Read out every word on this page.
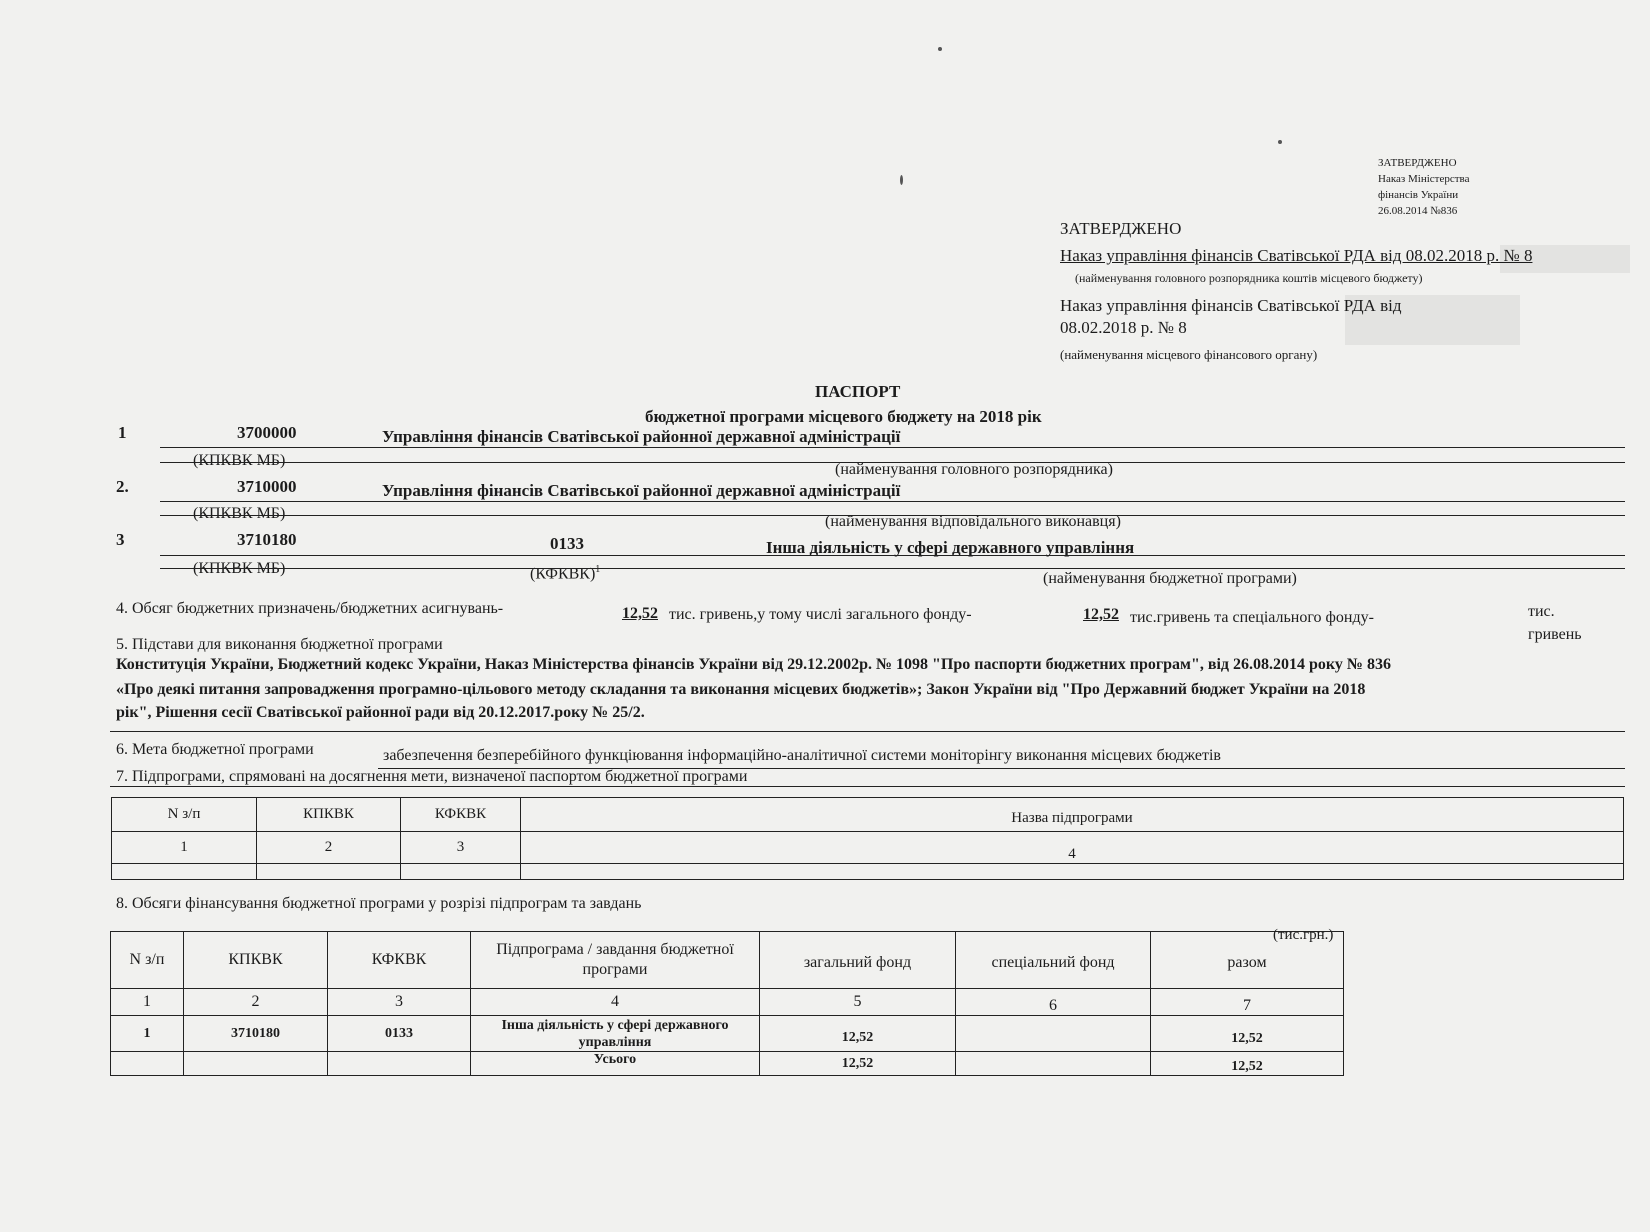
ЗАТВЕРДЖЕНО
Наказ Міністерства
фінансів України
26.08.2014 №836
ЗАТВЕРДЖЕНО
Наказ управління фінансів Сватівської РДА від 08.02.2018 р. № 8
(найменування головного розпорядника коштів місцевого бюджету)
Наказ управління фінансів Сватівської РДА від
08.02.2018 р. № 8
(найменування місцевого фінансового органу)
ПАСПОРТ
бюджетної програми місцевого бюджету на 2018 рік
1	3700000	Управління фінансів Сватівської районної державної адміністрації
(КПКВК МБ)
(найменування головного розпорядника)
2.	3710000	Управління фінансів Сватівської районної державної адміністрації
(КПКВК МБ)	(найменування відповідального виконавця)
3	3710180	0133	Інша діяльність у сфері державного управління
(КПКВК МБ)	(КФКВК)$^1$
(найменування бюджетної програми)
4. Обсяг бюджетних призначень/бюджетних асигнувань-	12,52 тис. гривень,у тому числі загального фонду-	12,52 тис.гривень та спеціального фонду-	тис.
гривень
5. Підстави для виконання бюджетної програми
Конституція України, Бюджетний кодекс України, Наказ Міністерства фінансів України від 29.12.2002р. № 1098 "Про паспорти бюджетних програм", від 26.08.2014 року № 836
«Про деякі питання запровадження програмно-цільового методу складання та виконання місцевих бюджетів»; Закон України від "Про Державний бюджет України на 2018
рік", Рішення сесії Сватівської районної ради від 20.12.2017.року № 25/2.
6. Мета бюджетної програми	забезпечення безперебійного функціювання інформаційно-аналітичної системи моніторінгу виконання місцевих бюджетів
7. Підпрограми, спрямовані на досягнення мети, визначеної паспортом бюджетної програми
N з/п	КПКВК	КФКВК	Назва підпрограми
1	2	3	4

8. Обсяги фінансування бюджетної програми у розрізі підпрограм та завдань
(тис.грн.)
N з/п	КПКВК	КФКВК	Підпрограма / завдання бюджетної програми	загальний фонд	спеціальний фонд	разом
1	2	3	4	5	6	7
1	3710180	0133	Інша діяльність у сфері державного управління	12,52		12,52
			Усього	12,52		12,52
